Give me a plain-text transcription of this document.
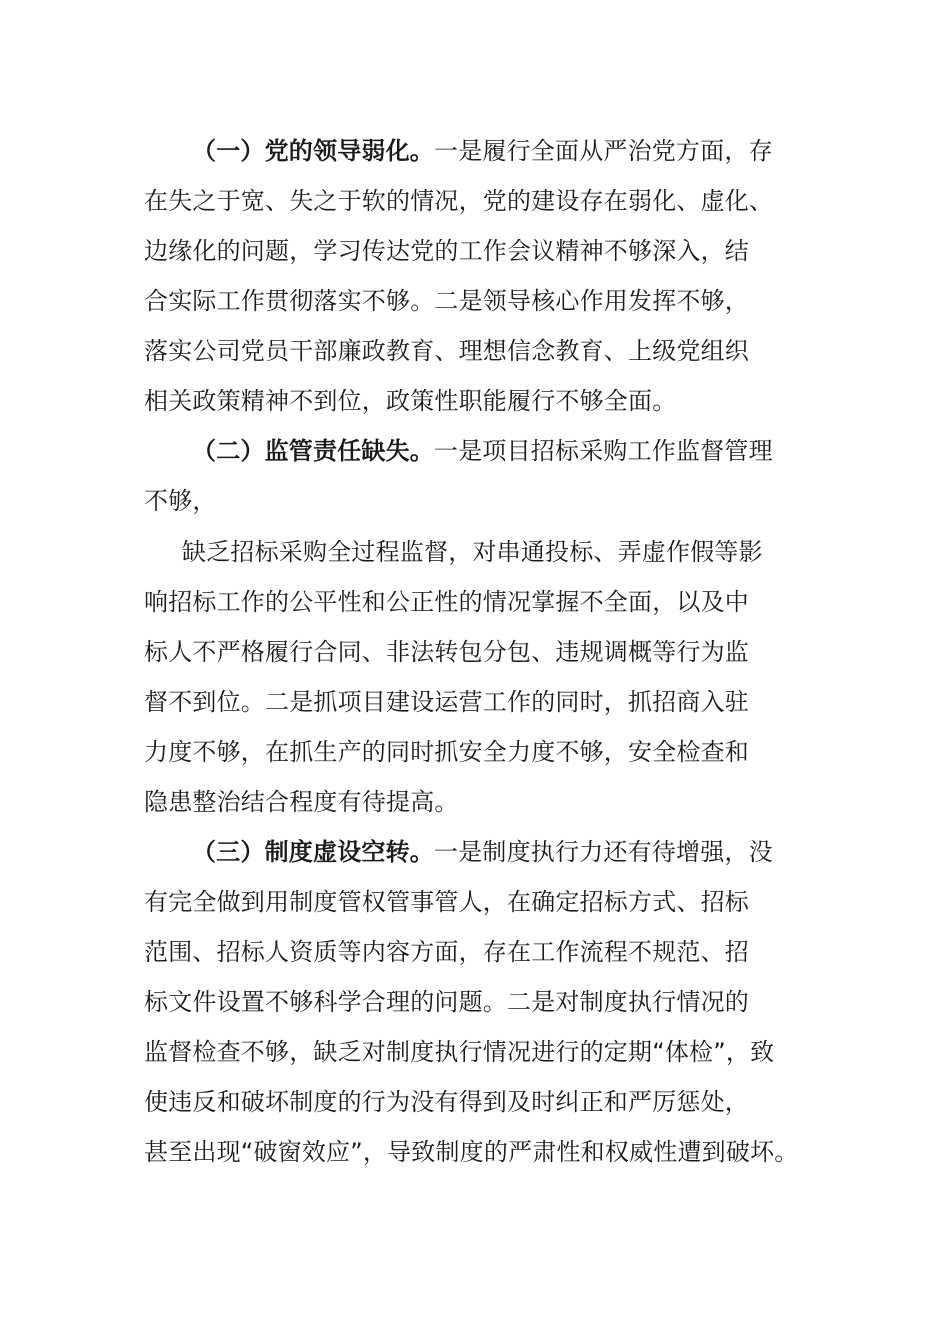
（一）党的领导弱化。一是履行全面从严治党方面，存
在失之于宽、失之于软的情况，党的建设存在弱化、虚化、
边缘化的问题，学习传达党的工作会议精神不够深入，结
合实际工作贯彻落实不够。二是领导核心作用发挥不够，
落实公司党员干部廉政教育、理想信念教育、上级党组织
相关政策精神不到位，政策性职能履行不够全面。
（二）监管责任缺失。一是项目招标采购工作监督管理
不够，
缺乏招标采购全过程监督，对串通投标、弄虚作假等影
响招标工作的公平性和公正性的情况掌握不全面，以及中
标人不严格履行合同、非法转包分包、违规调概等行为监
督不到位。二是抓项目建设运营工作的同时，抓招商入驻
力度不够，在抓生产的同时抓安全力度不够，安全检查和
隐患整治结合程度有待提高。
（三）制度虚设空转。一是制度执行力还有待增强，没
有完全做到用制度管权管事管人，在确定招标方式、招标
范围、招标人资质等内容方面，存在工作流程不规范、招
标文件设置不够科学合理的问题。二是对制度执行情况的
监督检查不够，缺乏对制度执行情况进行的定期“体检”，致
使违反和破坏制度的行为没有得到及时纠正和严厉惩处，
甚至出现“破窗效应”，导致制度的严肃性和权威性遭到破坏。
